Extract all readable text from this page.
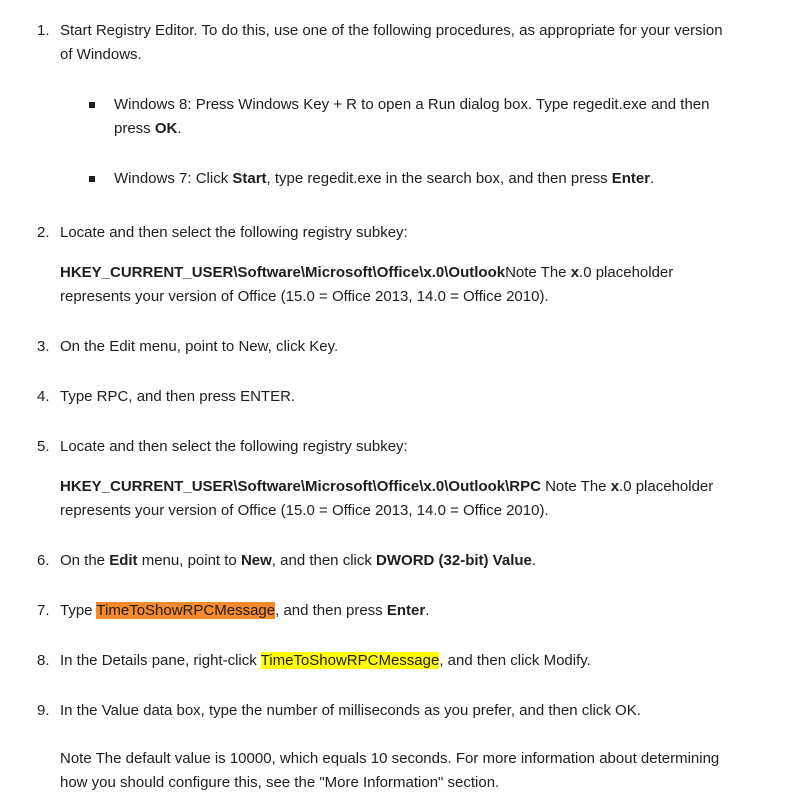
1. Start Registry Editor. To do this, use one of the following procedures, as appropriate for your version
of Windows.
Windows 8: Press Windows Key + R to open a Run dialog box. Type regedit.exe and then
press OK.
Windows 7: Click Start, type regedit.exe in the search box, and then press Enter.
2. Locate and then select the following registry subkey:
HKEY_CURRENT_USER\Software\Microsoft\Office\x.0\OutlookNote The x.0 placeholder
represents your version of Office (15.0 = Office 2013, 14.0 = Office 2010).
3. On the Edit menu, point to New, click Key.
4. Type RPC, and then press ENTER.
5. Locate and then select the following registry subkey:
HKEY_CURRENT_USER\Software\Microsoft\Office\x.0\Outlook\RPC Note The x.0 placeholder
represents your version of Office (15.0 = Office 2013, 14.0 = Office 2010).
6. On the Edit menu, point to New, and then click DWORD (32-bit) Value.
7. Type TimeToShowRPCMessage, and then press Enter.
8. In the Details pane, right-click TimeToShowRPCMessage, and then click Modify.
9. In the Value data box, type the number of milliseconds as you prefer, and then click OK.
Note The default value is 10000, which equals 10 seconds. For more information about determining
how you should configure this, see the "More Information" section.
